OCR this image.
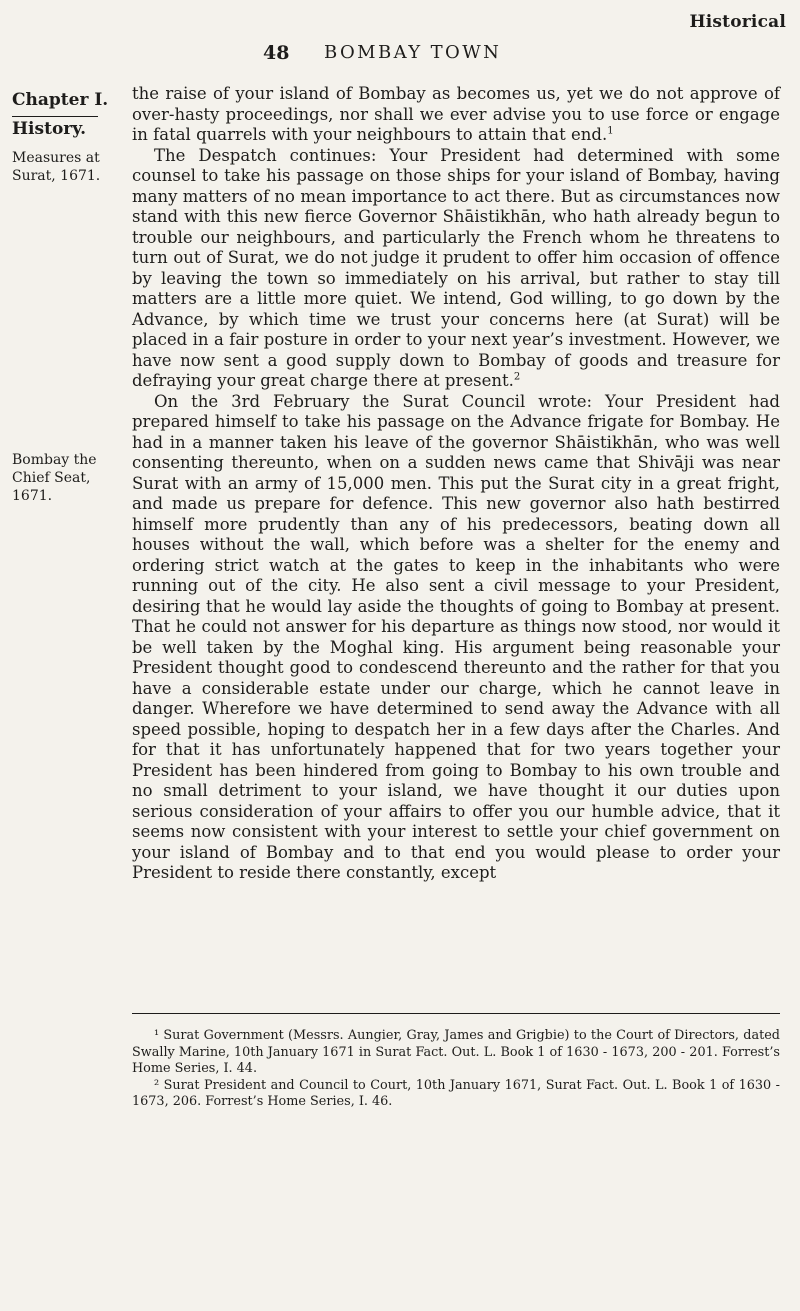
Historical
48 BOMBAY TOWN
Chapter I.
History.
Measures at Surat, 1671.
Bombay the Chief Seat, 1671.

the raise of your island of Bombay as becomes us, yet we do not approve of over-hasty proceedings, nor shall we ever advise you to use force or engage in fatal quarrels with your neighbours to attain that end.$^1$

The Despatch continues: Your President had determined with some counsel to take his passage on those ships for your island of Bombay, having many matters of no mean importance to act there. But as circumstances now stand with this new fierce Governor Shāistikhān, who hath already begun to trouble our neighbours, and particularly the French whom he threatens to turn out of Surat, we do not judge it prudent to offer him occasion of offence by leaving the town so immediately on his arrival, but rather to stay till matters are a little more quiet. We intend, God willing, to go down by the Advance, by which time we trust your concerns here (at Surat) will be placed in a fair posture in order to your next year’s investment. However, we have now sent a good supply down to Bombay of goods and treasure for defraying your great charge there at present.$^2$

On the 3rd February the Surat Council wrote: Your President had prepared himself to take his passage on the Advance frigate for Bombay. He had in a manner taken his leave of the governor Shāistikhān, who was well consenting thereunto, when on a sudden news came that Shivāji was near Surat with an army of 15,000 men. This put the Surat city in a great fright, and made us prepare for defence. This new governor also hath bestirred himself more prudently than any of his predecessors, beating down all houses without the wall, which before was a shelter for the enemy and ordering strict watch at the gates to keep in the inhabitants who were running out of the city. He also sent a civil message to your President, desiring that he would lay aside the thoughts of going to Bombay at present. That he could not answer for his departure as things now stood, nor would it be well taken by the Moghal king. His argument being reasonable your President thought good to condescend thereunto and the rather for that you have a considerable estate under our charge, which he cannot leave in danger. Wherefore we have determined to send away the Advance with all speed possible, hoping to despatch her in a few days after the Charles. And for that it has unfortunately happened that for two years together your President has been hindered from going to Bombay to his own trouble and no small detriment to your island, we have thought it our duties upon serious consideration of your affairs to offer you our humble advice, that it seems now consistent with your interest to settle your chief government on your island of Bombay and to that end you would please to order your President to reside there constantly, except

¹ Surat Government (Messrs. Aungier, Gray, James and Grigbie) to the Court of Directors, dated Swally Marine, 10th January 1671 in Surat Fact. Out. L. Book 1 of 1630 - 1673, 200 - 201. Forrest’s Home Series, I. 44.

² Surat President and Council to Court, 10th January 1671, Surat Fact. Out. L. Book 1 of 1630 - 1673, 206. Forrest’s Home Series, I. 46.
